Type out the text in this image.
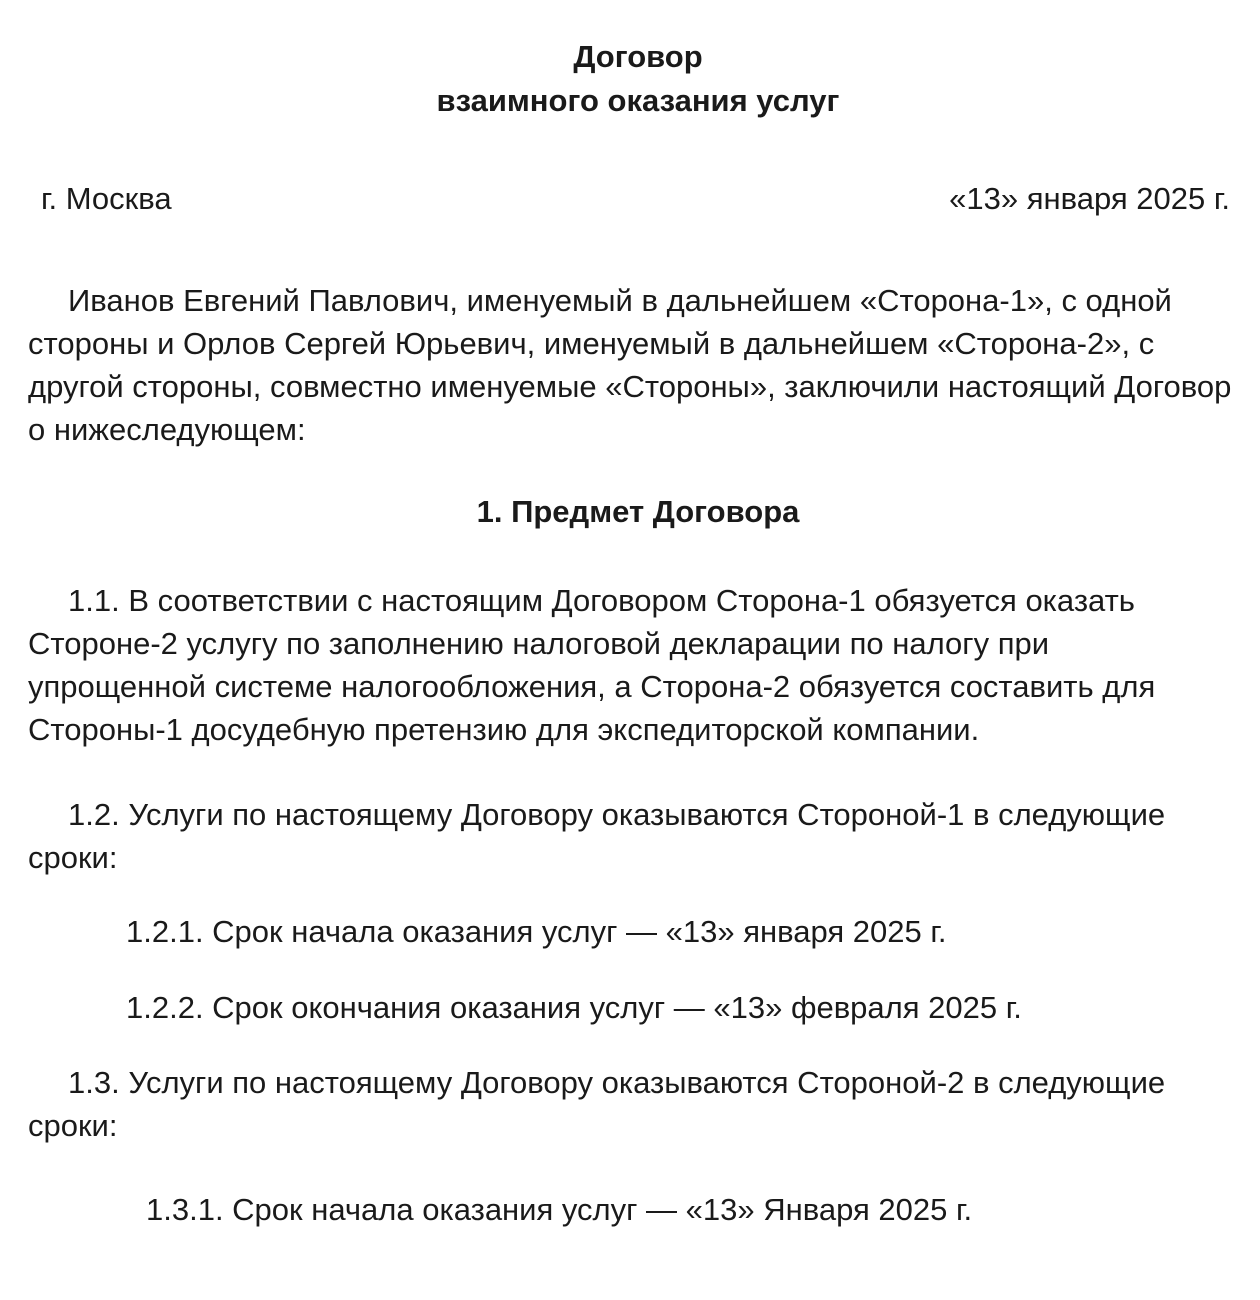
Договор
взаимного оказания услуг
г. Москва	«13» января 2025 г.
Иванов Евгений Павлович, именуемый в дальнейшем «Сторона-1», с одной стороны и Орлов Сергей Юрьевич, именуемый в дальнейшем «Сторона-2», с другой стороны, совместно именуемые «Стороны», заключили настоящий Договор о нижеследующем:
1. Предмет Договора
1.1. В соответствии с настоящим Договором Сторона-1 обязуется оказать Стороне-2 услугу по заполнению налоговой декларации по налогу при упрощенной системе налогообложения, а Сторона-2 обязуется составить для Стороны-1 досудебную претензию для экспедиторской компании.
1.2. Услуги по настоящему Договору оказываются Стороной-1 в следующие сроки:
1.2.1. Срок начала оказания услуг — «13» января 2025 г.
1.2.2. Срок окончания оказания услуг — «13» февраля 2025 г.
1.3. Услуги по настоящему Договору оказываются Стороной-2 в следующие сроки:
1.3.1. Срок начала оказания услуг — «13» Января 2025 г.
